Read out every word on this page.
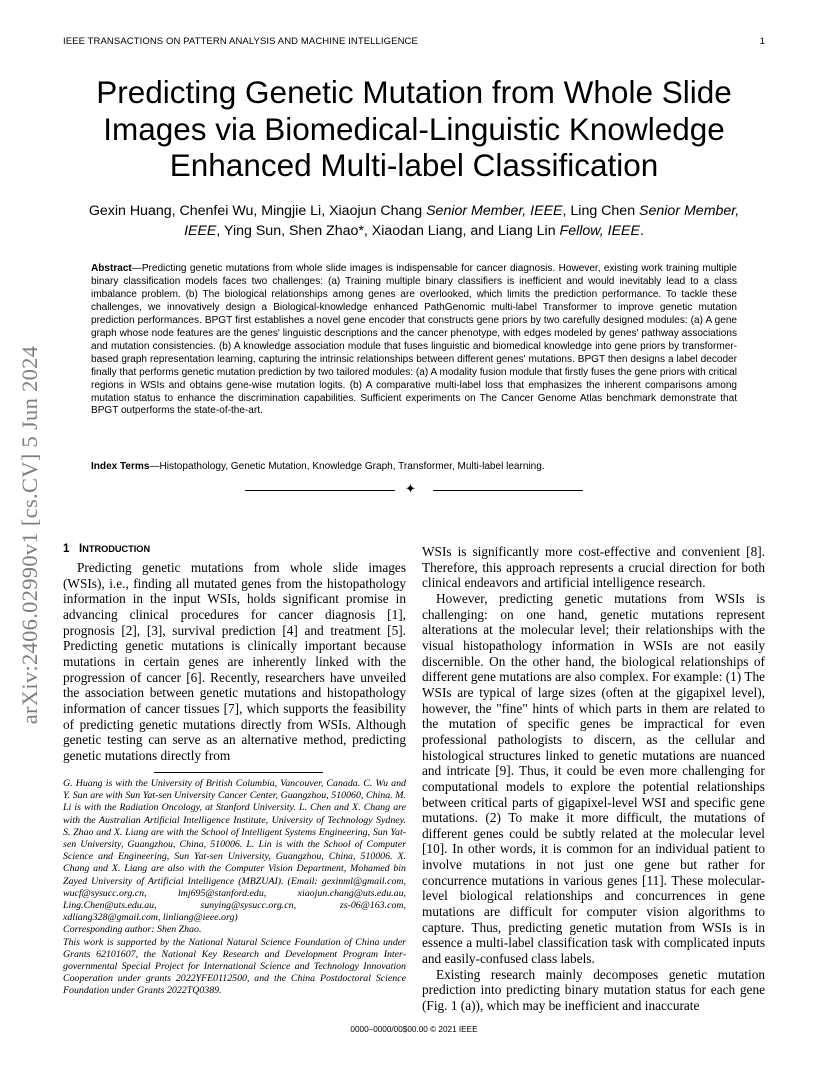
IEEE TRANSACTIONS ON PATTERN ANALYSIS AND MACHINE INTELLIGENCE	1
Predicting Genetic Mutation from Whole Slide Images via Biomedical-Linguistic Knowledge Enhanced Multi-label Classification
Gexin Huang, Chenfei Wu, Mingjie Li, Xiaojun Chang Senior Member, IEEE, Ling Chen Senior Member, IEEE, Ying Sun, Shen Zhao*, Xiaodan Liang, and Liang Lin Fellow, IEEE.
Abstract—Predicting genetic mutations from whole slide images is indispensable for cancer diagnosis. However, existing work training multiple binary classification models faces two challenges: (a) Training multiple binary classifiers is inefficient and would inevitably lead to a class imbalance problem. (b) The biological relationships among genes are overlooked, which limits the prediction performance. To tackle these challenges, we innovatively design a Biological-knowledge enhanced PathGenomic multi-label Transformer to improve genetic mutation prediction performances. BPGT first establishes a novel gene encoder that constructs gene priors by two carefully designed modules: (a) A gene graph whose node features are the genes' linguistic descriptions and the cancer phenotype, with edges modeled by genes' pathway associations and mutation consistencies. (b) A knowledge association module that fuses linguistic and biomedical knowledge into gene priors by transformer-based graph representation learning, capturing the intrinsic relationships between different genes' mutations. BPGT then designs a label decoder finally that performs genetic mutation prediction by two tailored modules: (a) A modality fusion module that firstly fuses the gene priors with critical regions in WSIs and obtains gene-wise mutation logits. (b) A comparative multi-label loss that emphasizes the inherent comparisons among mutation status to enhance the discrimination capabilities. Sufficient experiments on The Cancer Genome Atlas benchmark demonstrate that BPGT outperforms the state-of-the-art.
Index Terms—Histopathology, Genetic Mutation, Knowledge Graph, Transformer, Multi-label learning.
✦
arXiv:2406.02990v1 [cs.CV] 5 Jun 2024 1 INTRODUCTION

Predicting genetic mutations from whole slide images (WSIs), i.e., finding all mutated genes from the histopathology information in the input WSIs, holds significant promise in advancing clinical procedures for cancer diagnosis [1], prognosis [2], [3], survival prediction [4] and treatment [5]. Predicting genetic mutations is clinically important because mutations in certain genes are inherently linked with the progression of cancer [6]. Recently, researchers have unveiled the association between genetic mutations and histopathology information of cancer tissues [7], which supports the feasibility of predicting genetic mutations directly from WSIs. Although genetic testing can serve as an alternative method, predicting genetic mutations directly from

G. Huang is with the University of British Columbia, Vancouver, Canada. C. Wu and Y. Sun are with Sun Yat-sen University Cancer Center, Guangzhou, 510060, China. M. Li is with the Radiation Oncology, at Stanford University. L. Chen and X. Chang are with the Australian Artificial Intelligence Institute, University of Technology Sydney. S. Zhao and X. Liang are with the School of Intelligent Systems Engineering, Sun Yat-sen University, Guangzhou, China, 510006. L. Lin is with the School of Computer Science and Engineering, Sun Yat-sen University, Guangzhou, China, 510006. X. Chang and X. Liang are also with the Computer Vision Department, Mohamed bin Zayed University of Artificial Intelligence (MBZUAI). (Email: gexinml@gmail.com, wucf@sysucc.org.cn, lmj695@stanford.edu, xiaojun.chang@uts.edu.au, Ling.Chen@uts.edu.au, sunying@sysucc.org.cn, zs-06@163.com, xdliang328@gmail.com, linliang@ieee.org)

Corresponding author: Shen Zhao.

This work is supported by the National Natural Science Foundation of China under Grants 62101607, the National Key Research and Development Program Inter-governmental Special Project for International Science and Technology Innovation Cooperation under grants 2022YFE0112500, and the China Postdoctoral Science Foundation under Grants 2022TQ0389.

WSIs is significantly more cost-effective and convenient [8]. Therefore, this approach represents a crucial direction for both clinical endeavors and artificial intelligence research.

However, predicting genetic mutations from WSIs is challenging: on one hand, genetic mutations represent alterations at the molecular level; their relationships with the visual histopathology information in WSIs are not easily discernible. On the other hand, the biological relationships of different gene mutations are also complex. For example: (1) The WSIs are typical of large sizes (often at the gigapixel level), however, the "fine" hints of which parts in them are related to the mutation of specific genes be impractical for even professional pathologists to discern, as the cellular and histological structures linked to genetic mutations are nuanced and intricate [9]. Thus, it could be even more challenging for computational models to explore the potential relationships between critical parts of gigapixel-level WSI and specific gene mutations. (2) To make it more difficult, the mutations of different genes could be subtly related at the molecular level [10]. In other words, it is common for an individual patient to involve mutations in not just one gene but rather for concurrence mutations in various genes [11]. These molecular-level biological relationships and concurrences in gene mutations are difficult for computer vision algorithms to capture. Thus, predicting genetic mutation from WSIs is in essence a multi-label classification task with complicated inputs and easily-confused class labels.

Existing research mainly decomposes genetic mutation prediction into predicting binary mutation status for each gene (Fig. 1 (a)), which may be inefficient and inaccurate

0000–0000/00$00.00 © 2021 IEEE
